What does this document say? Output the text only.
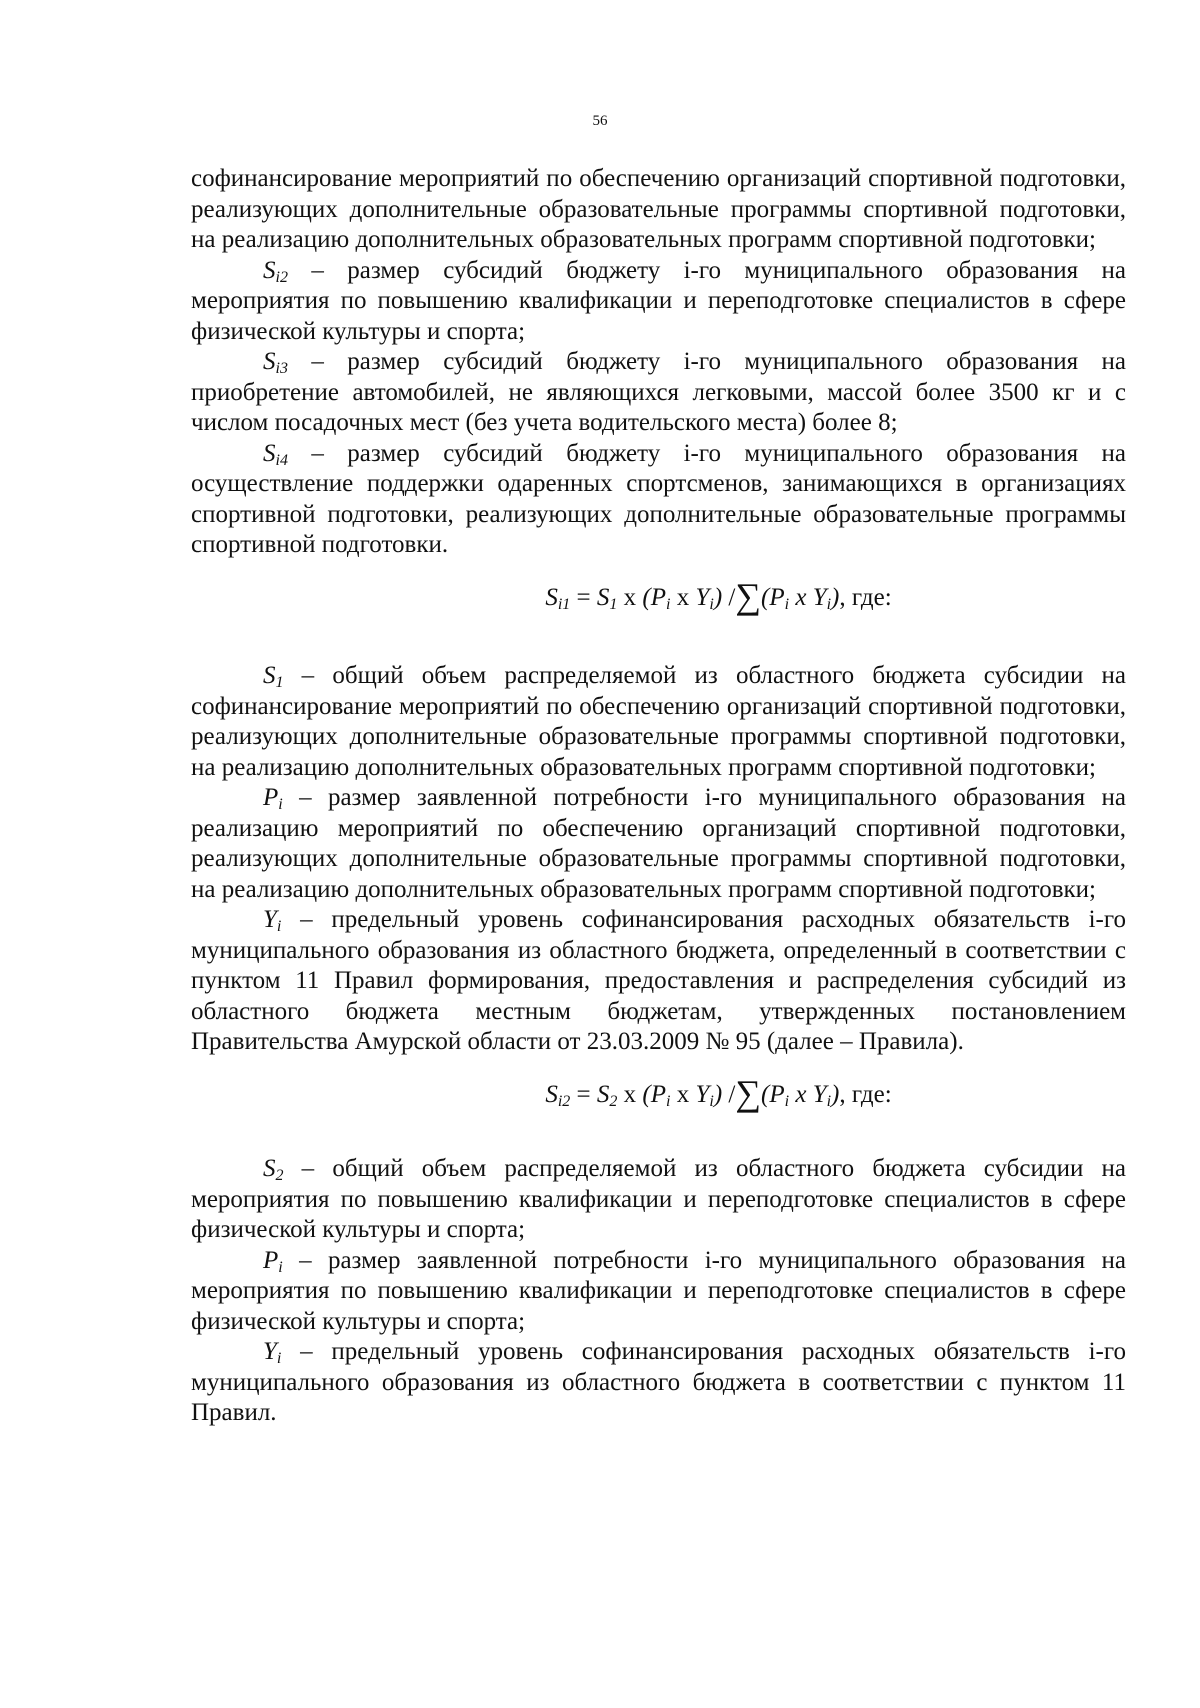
56

софинансирование мероприятий по обеспечению организаций спортивной подготовки, реализующих дополнительные образовательные программы спортивной подготовки, на реализацию дополнительных образовательных программ спортивной подготовки;

$S_{i2}$ – размер субсидий бюджету i-го муниципального образования на мероприятия по повышению квалификации и переподготовке специалистов в сфере физической культуры и спорта;

$S_{i3}$ – размер субсидий бюджету i-го муниципального образования на приобретение автомобилей, не являющихся легковыми, массой более 3500 кг и с числом посадочных мест (без учета водительского места) более 8;

$S_{i4}$ – размер субсидий бюджету i-го муниципального образования на осуществление поддержки одаренных спортсменов, занимающихся в организациях спортивной подготовки, реализующих дополнительные образовательные программы спортивной подготовки.

$S_{i1} = S_1$ x ($P_i$ x $Y_i$) $/\sum(P_i$ x $Y_i$), где:

$S_1$ – общий объем распределяемой из областного бюджета субсидии на софинансирование мероприятий по обеспечению организаций спортивной подготовки, реализующих дополнительные образовательные программы спортивной подготовки, на реализацию дополнительных образовательных программ спортивной подготовки;

$P_i$ – размер заявленной потребности i-го муниципального образования на реализацию мероприятий по обеспечению организаций спортивной подготовки, реализующих дополнительные образовательные программы спортивной подготовки, на реализацию дополнительных образовательных программ спортивной подготовки;

$Y_i$ – предельный уровень софинансирования расходных обязательств i-го муниципального образования из областного бюджета, определенный в соответствии с пунктом 11 Правил формирования, предоставления и распределения субсидий из областного бюджета местным бюджетам, утвержденных постановлением Правительства Амурской области от 23.03.2009 № 95 (далее – Правила).

$S_{i2} = S_2$ x ($P_i$ x $Y_i$) $/\sum(P_i$ x $Y_i$), где:

$S_2$ – общий объем распределяемой из областного бюджета субсидии на мероприятия по повышению квалификации и переподготовке специалистов в сфере физической культуры и спорта;

$P_i$ – размер заявленной потребности i-го муниципального образования на мероприятия по повышению квалификации и переподготовке специалистов в сфере физической культуры и спорта;

$Y_i$ – предельный уровень софинансирования расходных обязательств i-го муниципального образования из областного бюджета в соответствии с пунктом 11 Правил.
